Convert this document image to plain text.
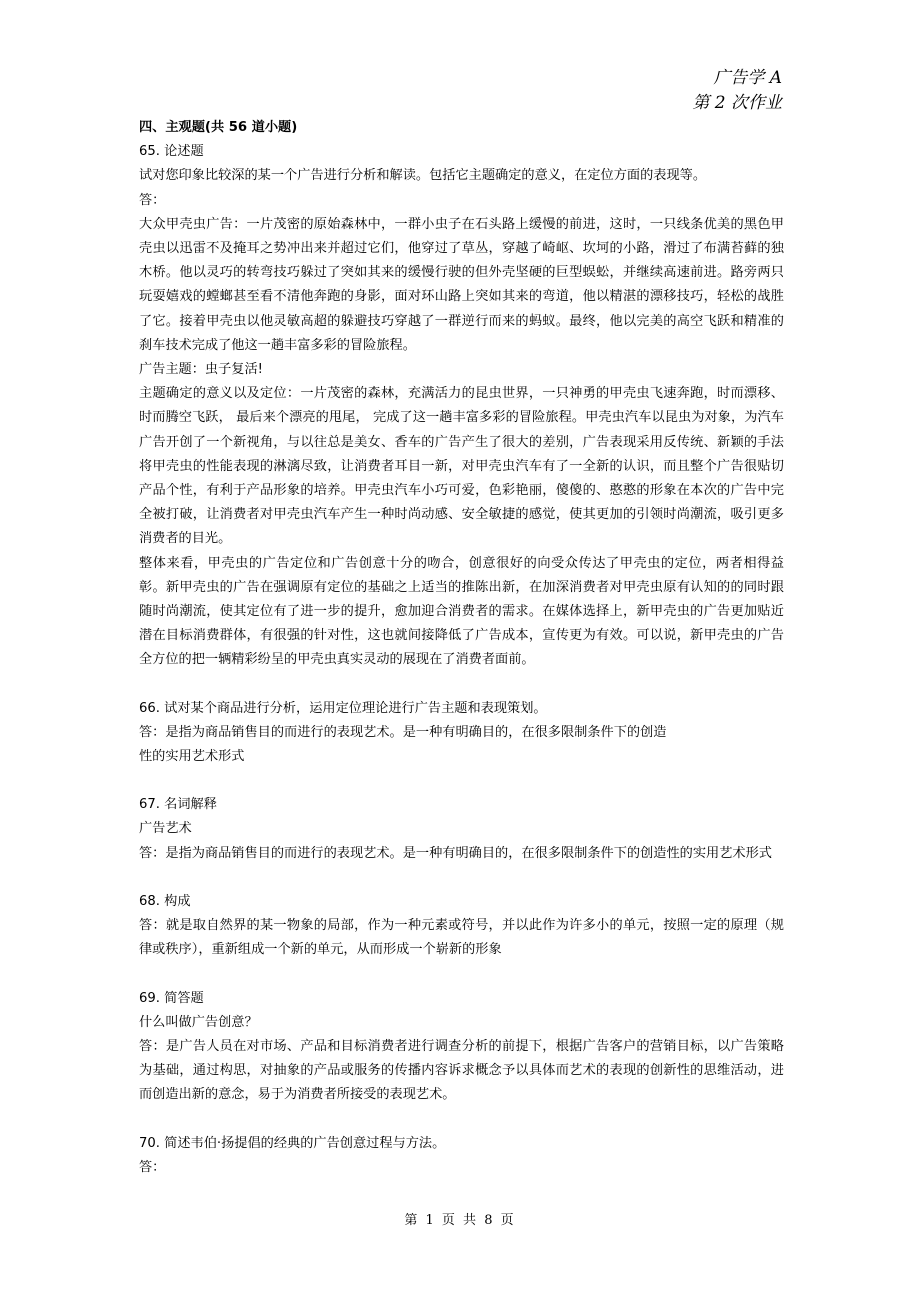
广告学 A
第 2 次作业

四、主观题(共 56 道小题)

65. 论述题

试对您印象比较深的某一个广告进行分析和解读。包括它主题确定的意义，在定位方面的表现等。

答：

大众甲壳虫广告：一片茂密的原始森林中，一群小虫子在石头路上缓慢的前进，这时，一只线条优美的黑色甲壳虫以迅雷不及掩耳之势冲出来并超过它们，他穿过了草丛，穿越了崎岖、坎坷的小路，滑过了布满苔藓的独木桥。他以灵巧的转弯技巧躲过了突如其来的缓慢行驶的但外壳坚硬的巨型蜈蚣，并继续高速前进。路旁两只玩耍嬉戏的螳螂甚至看不清他奔跑的身影，面对环山路上突如其来的弯道，他以精湛的漂移技巧，轻松的战胜了它。接着甲壳虫以他灵敏高超的躲避技巧穿越了一群逆行而来的蚂蚁。最终，他以完美的高空飞跃和精准的刹车技术完成了他这一趟丰富多彩的冒险旅程。

广告主题：虫子复活!

主题确定的意义以及定位：一片茂密的森林，充满活力的昆虫世界，一只神勇的甲壳虫飞速奔跑，时而漂移、时而腾空飞跃， 最后来个漂亮的甩尾， 完成了这一趟丰富多彩的冒险旅程。甲壳虫汽车以昆虫为对象，为汽车广告开创了一个新视角，与以往总是美女、香车的广告产生了很大的差别，广告表现采用反传统、新颖的手法将甲壳虫的性能表现的淋漓尽致，让消费者耳目一新，对甲壳虫汽车有了一全新的认识，而且整个广告很贴切产品个性，有利于产品形象的培养。甲壳虫汽车小巧可爱，色彩艳丽，傻傻的、憨憨的形象在本次的广告中完全被打破，让消费者对甲壳虫汽车产生一种时尚动感、安全敏捷的感觉，使其更加的引领时尚潮流，吸引更多消费者的目光。

整体来看，甲壳虫的广告定位和广告创意十分的吻合，创意很好的向受众传达了甲壳虫的定位，两者相得益彰。新甲壳虫的广告在强调原有定位的基础之上适当的推陈出新，在加深消费者对甲壳虫原有认知的的同时跟随时尚潮流，使其定位有了进一步的提升，愈加迎合消费者的需求。在媒体选择上，新甲壳虫的广告更加贴近潜在目标消费群体，有很强的针对性，这也就间接降低了广告成本，宣传更为有效。可以说，新甲壳虫的广告全方位的把一辆精彩纷呈的甲壳虫真实灵动的展现在了消费者面前。

66. 试对某个商品进行分析，运用定位理论进行广告主题和表现策划。

答：是指为商品销售目的而进行的表现艺术。是一种有明确目的，在很多限制条件下的创造

性的实用艺术形式

67. 名词解释

广告艺术

答：是指为商品销售目的而进行的表现艺术。是一种有明确目的，在很多限制条件下的创造性的实用艺术形式

68. 构成

答：就是取自然界的某一物象的局部，作为一种元素或符号，并以此作为许多小的单元，按照一定的原理（规律或秩序），重新组成一个新的单元，从而形成一个崭新的形象

69. 简答题

什么叫做广告创意？

答：是广告人员在对市场、产品和目标消费者进行调查分析的前提下，根据广告客户的营销目标，以广告策略为基础，通过构思，对抽象的产品或服务的传播内容诉求概念予以具体而艺术的表现的创新性的思维活动，进而创造出新的意念，易于为消费者所接受的表现艺术。

70. 简述韦伯·扬提倡的经典的广告创意过程与方法。

答：

第 1 页 共 8 页
